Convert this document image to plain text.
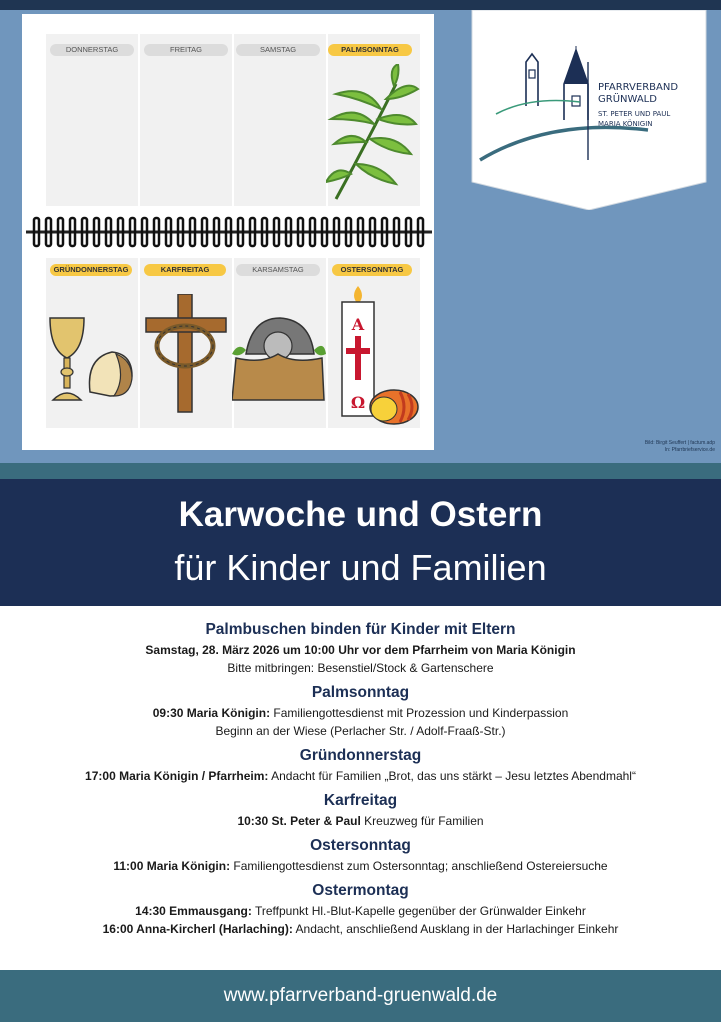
DONNERSTAG	FREITAG	SAMSTAG	PALMSONNTAG
GRÜNDONNERSTAG	KARFREITAG	KARSAMSTAG	OSTERSONNTAG
A
Ω
Bild: Birgit Seuffert | factum.adp
In: Pfarrbriefservice.de
PFARRVERBAND
GRÜNWALD
ST. PETER UND PAUL
MARIA KÖNIGIN
Karwoche und Ostern
für Kinder und Familien
Palmbuschen binden für Kinder mit Eltern
Samstag, 28. März 2026 um 10:00 Uhr vor dem Pfarrheim von Maria Königin
Bitte mitbringen: Besenstiel/Stock & Gartenschere
Palmsonntag
09:30 Maria Königin: Familiengottesdienst mit Prozession und Kinderpassion
Beginn an der Wiese (Perlacher Str. / Adolf-Fraaß-Str.)
Gründonnerstag
17:00 Maria Königin / Pfarrheim: Andacht für Familien „Brot, das uns stärkt – Jesu letztes Abendmahl“
Karfreitag
10:30 St. Peter & Paul Kreuzweg für Familien
Ostersonntag
11:00 Maria Königin: Familiengottesdienst zum Ostersonntag; anschließend Ostereiersuche
Ostermontag
14:30 Emmausgang: Treffpunkt Hl.-Blut-Kapelle gegenüber der Grünwalder Einkehr
16:00 Anna-Kircherl (Harlaching): Andacht, anschließend Ausklang in der Harlachinger Einkehr
www.pfarrverband-gruenwald.de
